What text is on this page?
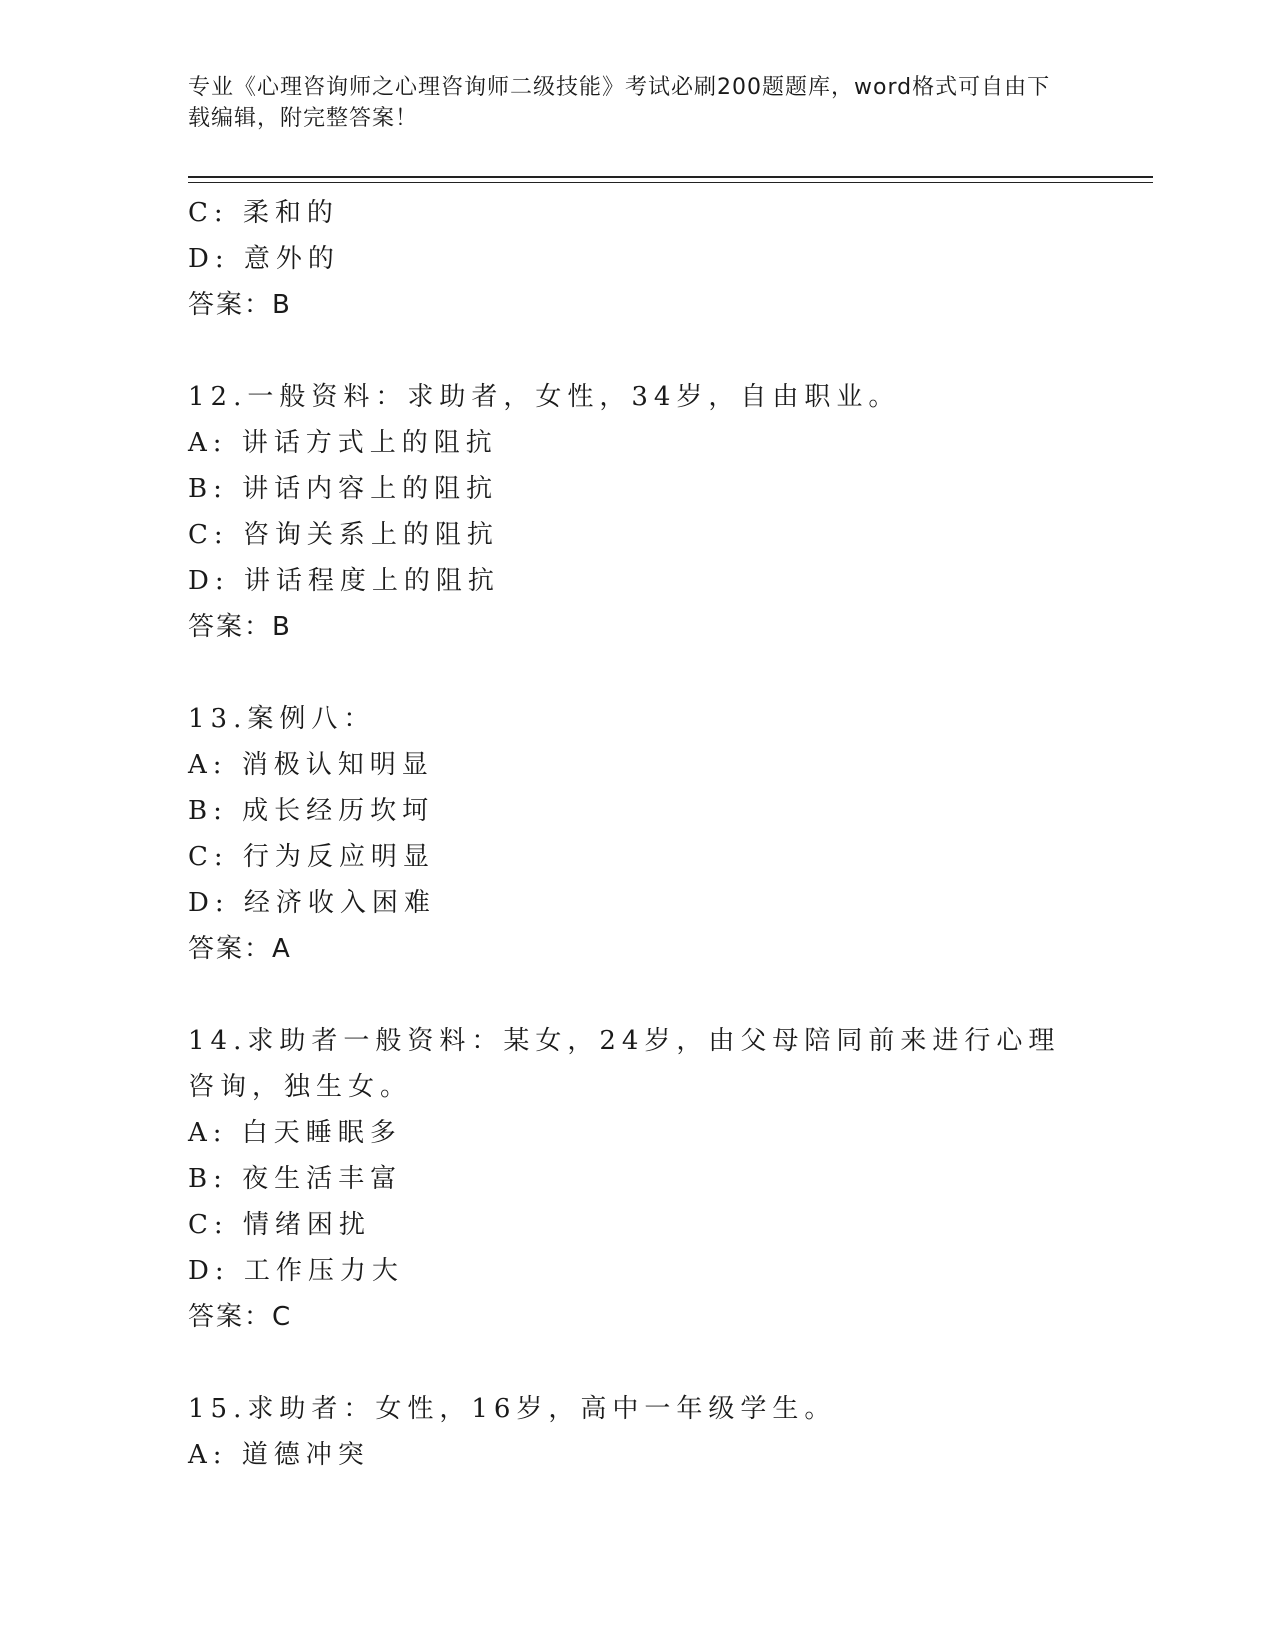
专业《心理咨询师之心理咨询师二级技能》考试必刷200题题库，word格式可自由下载编辑，附完整答案！
C: 柔和的
D: 意外的
答案：B
12.一般资料：求助者，女性，34岁，自由职业。
A: 讲话方式上的阻抗
B: 讲话内容上的阻抗
C: 咨询关系上的阻抗
D: 讲话程度上的阻抗
答案：B
13.案例八：
A: 消极认知明显
B: 成长经历坎坷
C: 行为反应明显
D: 经济收入困难
答案：A
14.求助者一般资料：某女，24岁，由父母陪同前来进行心理咨询，独生女。
A: 白天睡眠多
B: 夜生活丰富
C: 情绪困扰
D: 工作压力大
答案：C
15.求助者：女性，16岁，高中一年级学生。
A: 道德冲突
